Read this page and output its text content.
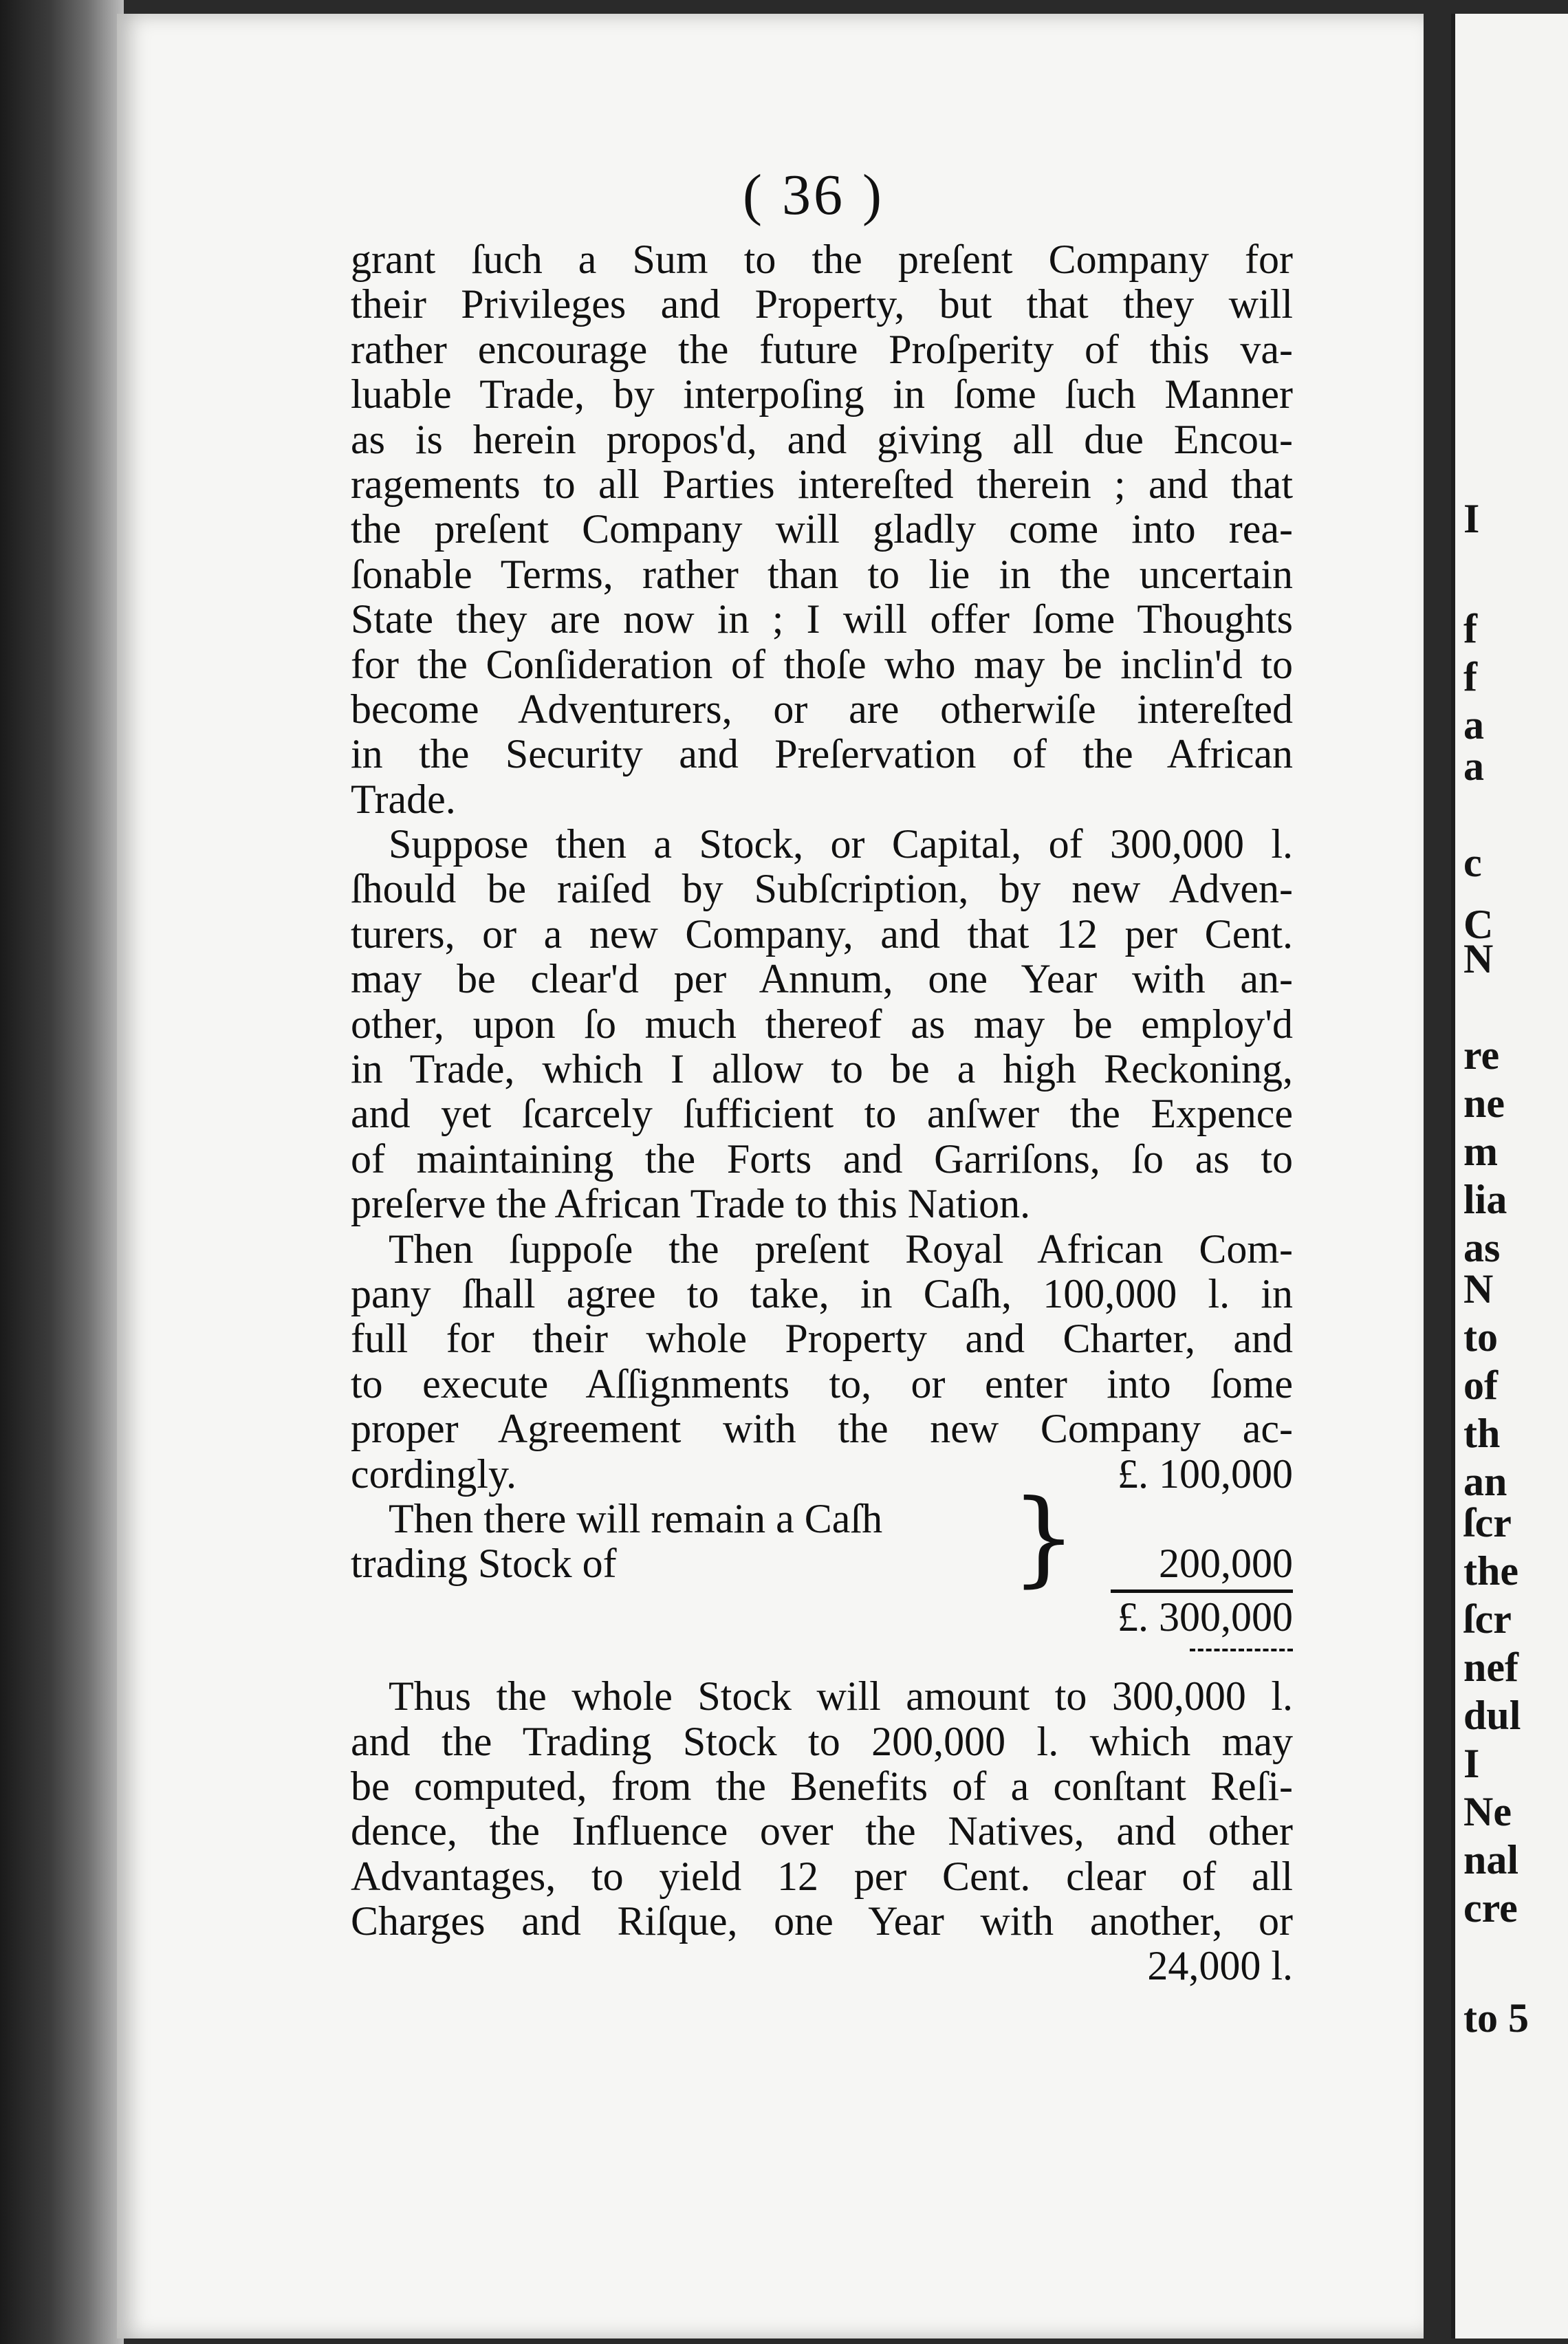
I
f
f
a
a
c
C
N
re
ne
m
lia
as
N
to
of
th
an
ſcr
the
ſcr
nef
dul
I
Ne
nal
cre
to 5
( 36 )
grant ſuch a Sum to the preſent Company for
their Privileges and Property, but that they will
rather encourage the future Proſperity of this va-
luable Trade, by interpoſing in ſome ſuch Manner
as is herein propos'd, and giving all due Encou-
ragements to all Parties intereſted therein ; and that
the preſent Company will gladly come into rea-
ſonable Terms, rather than to lie in the uncertain
State they are now in ; I will offer ſome Thoughts
for the Conſideration of thoſe who may be inclin'd to
become Adventurers, or are otherwiſe intereſted
in the Security and Preſervation of the African
Trade.
Suppose then a Stock, or Capital, of 300,000 l.
ſhould be raiſed by Subſcription, by new Adven-
turers, or a new Company, and that 12 per Cent.
may be clear'd per Annum, one Year with an-
other, upon ſo much thereof as may be employ'd
in Trade, which I allow to be a high Reckoning,
and yet ſcarcely ſufficient to anſwer the Expence
of maintaining the Forts and Garriſons, ſo as to
preſerve the African Trade to this Nation.
Then ſuppoſe the preſent Royal African Com-
pany ſhall agree to take, in Caſh, 100,000 l. in
full for their whole Property and Charter, and
to execute Aſſignments to, or enter into ſome
proper Agreement with the new Company ac-
cordingly.	£. 100,000
Then there will remain a Caſh
trading Stock of	200,000
}
£. 300,000
Thus the whole Stock will amount to 300,000 l.
and the Trading Stock to 200,000 l. which may
be computed, from the Benefits of a conſtant Reſi-
dence, the Influence over the Natives, and other
Advantages, to yield 12 per Cent. clear of all
Charges and Riſque, one Year with another, or
24,000 l.
